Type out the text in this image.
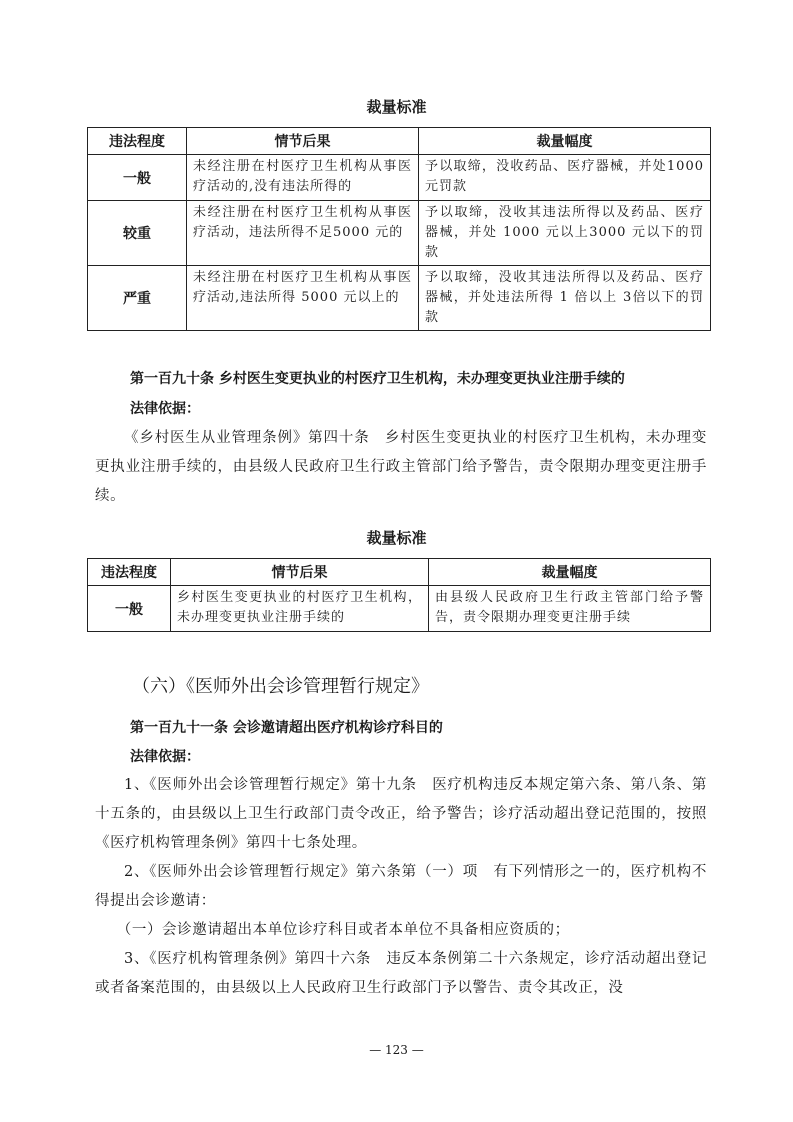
裁量标准
违法程度	情节后果	裁量幅度
一般	未经注册在村医疗卫生机构从事医疗活动的,没有违法所得的	予以取缔，没收药品、医疗器械，并处1000 元罚款
较重	未经注册在村医疗卫生机构从事医疗活动，违法所得不足5000 元的	予以取缔，没收其违法所得以及药品、医疗器械，并处 1000 元以上3000 元以下的罚款
严重	未经注册在村医疗卫生机构从事医疗活动,违法所得 5000 元以上的	予以取缔，没收其违法所得以及药品、医疗器械，并处违法所得 1 倍以上 3倍以下的罚款
第一百九十条 乡村医生变更执业的村医疗卫生机构，未办理变更执业注册手续的
法律依据：
《乡村医生从业管理条例》第四十条　乡村医生变更执业的村医疗卫生机构，未办理变更执业注册手续的，由县级人民政府卫生行政主管部门给予警告，责令限期办理变更注册手续。
裁量标准
违法程度	情节后果	裁量幅度
一般	乡村医生变更执业的村医疗卫生机构，未办理变更执业注册手续的	由县级人民政府卫生行政主管部门给予警告，责令限期办理变更注册手续
（六）《医师外出会诊管理暂行规定》
第一百九十一条 会诊邀请超出医疗机构诊疗科目的
法律依据：
1、《医师外出会诊管理暂行规定》第十九条　医疗机构违反本规定第六条、第八条、第十五条的，由县级以上卫生行政部门责令改正，给予警告；诊疗活动超出登记范围的，按照《医疗机构管理条例》第四十七条处理。
2、《医师外出会诊管理暂行规定》第六条第（一）项　有下列情形之一的，医疗机构不得提出会诊邀请：
（一）会诊邀请超出本单位诊疗科目或者本单位不具备相应资质的；
3、《医疗机构管理条例》第四十六条　违反本条例第二十六条规定，诊疗活动超出登记或者备案范围的，由县级以上人民政府卫生行政部门予以警告、责令其改正，没
— 123 —
